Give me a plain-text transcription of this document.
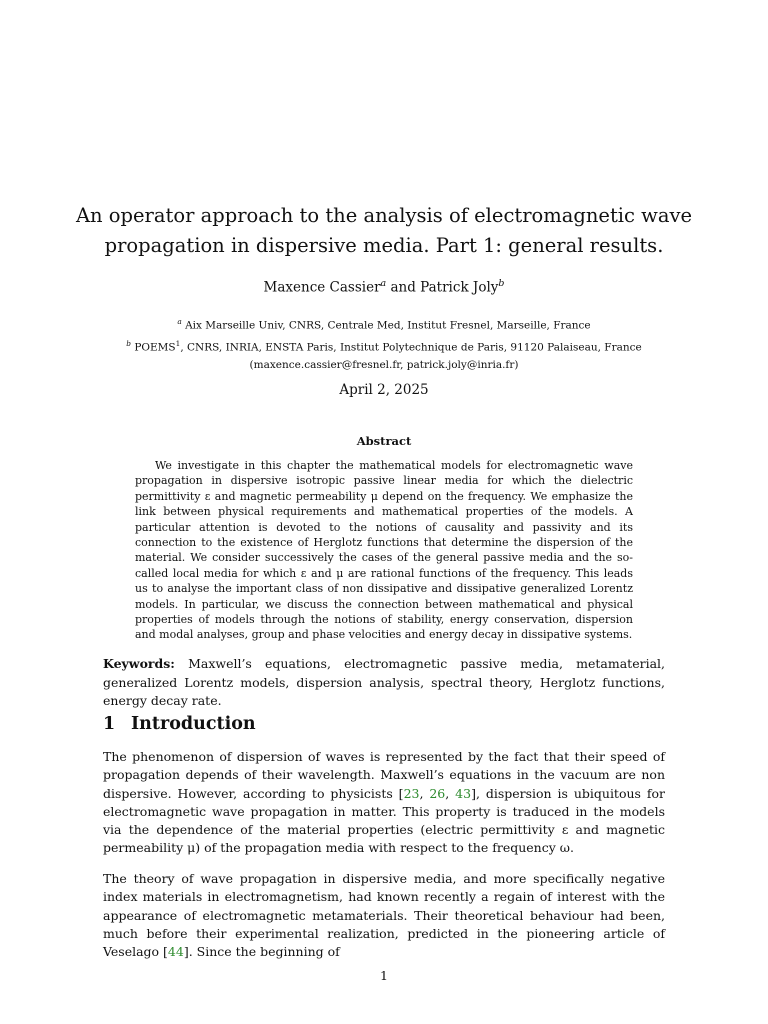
An operator approach to the analysis of electromagnetic wave
propagation in dispersive media. Part 1: general results.
Maxence Cassier$^a$ and Patrick Joly$^b$
$^a$ Aix Marseille Univ, CNRS, Centrale Med, Institut Fresnel, Marseille, France
$^b$ POEMS$^1$, CNRS, INRIA, ENSTA Paris, Institut Polytechnique de Paris, 91120 Palaiseau, France
(maxence.cassier@fresnel.fr, patrick.joly@inria.fr)
April 2, 2025
Abstract
We investigate in this chapter the mathematical models for electromagnetic wave propagation in dispersive isotropic passive linear media for which the dielectric permittivity ε and magnetic permeability μ depend on the frequency. We emphasize the link between physical requirements and mathematical properties of the models. A particular attention is devoted to the notions of causality and passivity and its connection to the existence of Herglotz functions that determine the dispersion of the material. We consider successively the cases of the general passive media and the so-called local media for which ε and μ are rational functions of the frequency. This leads us to analyse the important class of non dissipative and dissipative generalized Lorentz models. In particular, we discuss the connection between mathematical and physical properties of models through the notions of stability, energy conservation, dispersion and modal analyses, group and phase velocities and energy decay in dissipative systems.
Keywords: Maxwell’s equations, electromagnetic passive media, metamaterial, generalized Lorentz models, dispersion analysis, spectral theory, Herglotz functions, energy decay rate.
1 Introduction
The phenomenon of dispersion of waves is represented by the fact that their speed of propagation depends of their wavelength. Maxwell’s equations in the vacuum are non dispersive. However, according to physicists [23, 26, 43], dispersion is ubiquitous for electromagnetic wave propagation in matter. This property is traduced in the models via the dependence of the material properties (electric permittivity ε and magnetic permeability μ) of the propagation media with respect to the frequency ω.
The theory of wave propagation in dispersive media, and more specifically negative index materials in electromagnetism, had known recently a regain of interest with the appearance of electromagnetic metamaterials. Their theoretical behaviour had been, much before their experimental realization, predicted in the pioneering article of Veselago [44]. Since the beginning of
1
